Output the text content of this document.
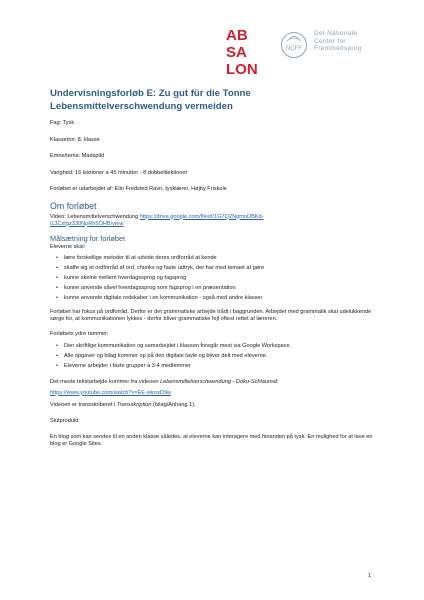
AB
SA
LON
NCFF
Det Nationale
Center for
Fremmedsprog
Undervisningsforløb E: Zu gut für die Tonne Lebensmittelverschwendung vermeiden

Fag: Tysk

Klassetrin: 8. klasse

Emne/tema: Madspild

Varighed: 16 lektioner a 45 minutter - 8 dobbeltlektioner

Forløbet er udarbejdet af: Elin Fredsted Ravn, tysklærer, Højby Friskole

Om forløbet

Video: Lebensmittelverschwendung https://drive.google.com/file/d/1G7Q2NgmoDBKd-
i13Cxfgz330NpRh5OHB/view

Målsætning for forløbet

Eleverne skal:

• lære forskellige metoder til at udvide deres ordforråd at kende
• skaffe sig et ordforråd af ord, chunks og faste udtryk, der har med temaet at gøre
• kunne skelne mellem hverdagssprog og fagsprog
• kunne anvende såvel hverdagssprog som fagsprog i en præsentation
• kunne anvende digitale redskaber i en kommunikation - også med andre klasser

Forløbet har fokus på ordforråd. Derfor er det grammatiske arbejde trådt i baggrunden. Arbejdet med grammatik skal udelukkende sørge for, at kommunikationen lykkes - derfor bliver grammatiske fejl oftest rettet af læreren.

Forløbets ydre rammer:

• Den skriftlige kommunikation og samarbejdet i klassen foregår mest via Google Workspace.
• Alle opgaver og bilag kommer op på den digitale tavle og bliver delt med eleverne.
• Eleverne arbejder i faste grupper à 3-4 medlemmer

Det meste tekstarbejde kommer fra videoen Lebensmittelverschwendung - Doku-Schlaumal:

https://www.youtube.com/watch?v=EE-wiroxD9w

Videoen er transskriberet i Transskription (bilag/Anhang 1).

Slutprodukt:

En blog som kan sendes til en anden klasse således, at eleverne kan interagere med hinanden på tysk. En mulighed for at lave en blog er Google Sites.

1
